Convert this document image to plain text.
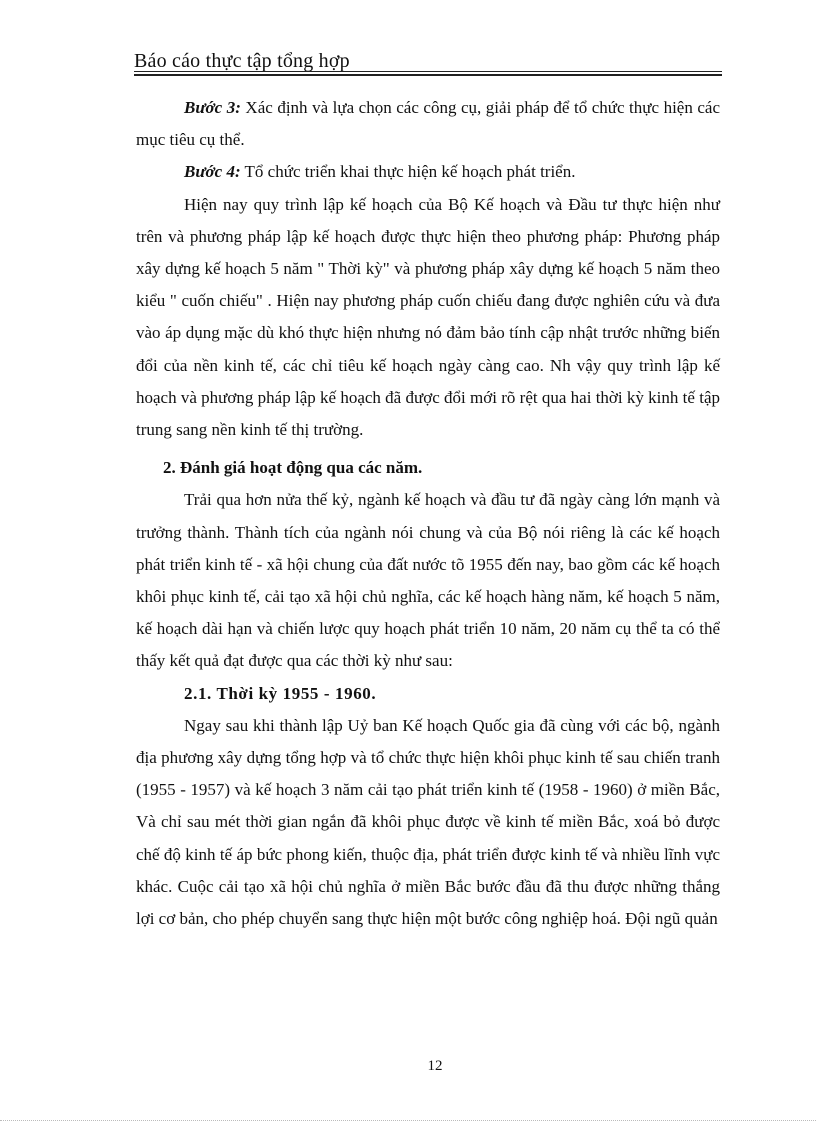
Báo cáo thực tập tổng hợp

Bước 3: Xác định và lựa chọn các công cụ, giải pháp để tổ chức thực hiện các mục tiêu cụ thể.

Bước 4: Tổ chức triển khai thực hiện kế hoạch phát triển.

Hiện nay quy trình lập kế hoạch của Bộ Kế hoạch và Đầu tư thực hiện như trên và phương pháp lập kế hoạch được thực hiện theo phương pháp: Phương pháp xây dựng kế hoạch 5 năm " Thời kỳ" và phương pháp xây dựng kế hoạch 5 năm theo kiểu " cuốn chiếu" . Hiện nay phương pháp cuốn chiếu đang được nghiên cứu và đưa vào áp dụng mặc dù khó thực hiện nhưng nó đảm bảo tính cập nhật trước những biến đổi của nền kinh tế, các chỉ tiêu kế hoạch ngày càng cao. Nh vậy quy trình lập kế hoạch và phương pháp lập kế hoạch đã được đổi mới rõ rệt qua hai thời kỳ kinh tế tập trung sang nền kinh tế thị trường.

2. Đánh giá hoạt động qua các năm.

Trải qua hơn nửa thế kỷ, ngành kế hoạch và đầu tư đã ngày càng lớn mạnh và trưởng thành. Thành tích của ngành nói chung và của Bộ nói riêng là các kế hoạch phát triển kinh tế - xã hội chung của đất nước tõ 1955 đến nay, bao gồm các kế hoạch khôi phục kinh tế, cải tạo xã hội chủ nghĩa, các kế hoạch hàng năm, kế hoạch 5 năm, kế hoạch dài hạn và chiến lược quy hoạch phát triển 10 năm, 20 năm cụ thể ta có thể thấy kết quả đạt được qua các thời kỳ như sau:

2.1. Thời kỳ 1955 - 1960.

Ngay sau khi thành lập Uỷ ban Kế hoạch Quốc gia đã cùng với các bộ, ngành địa phương xây dựng tổng hợp và tổ chức thực hiện khôi phục kinh tế sau chiến tranh (1955 - 1957) và kế hoạch 3 năm cải tạo phát triển kinh tế (1958 - 1960) ở miền Bắc, Và chỉ sau mét thời gian ngắn đã khôi phục được về kinh tế miền Bắc, xoá bỏ được chế độ kinh tế áp bức phong kiến, thuộc địa, phát triển được kinh tế và nhiều lĩnh vực khác. Cuộc cải tạo xã hội chủ nghĩa ở miền Bắc bước đầu đã thu được những thắng lợi cơ bản, cho phép chuyển sang thực hiện một bước công nghiệp hoá. Đội ngũ quản

12
